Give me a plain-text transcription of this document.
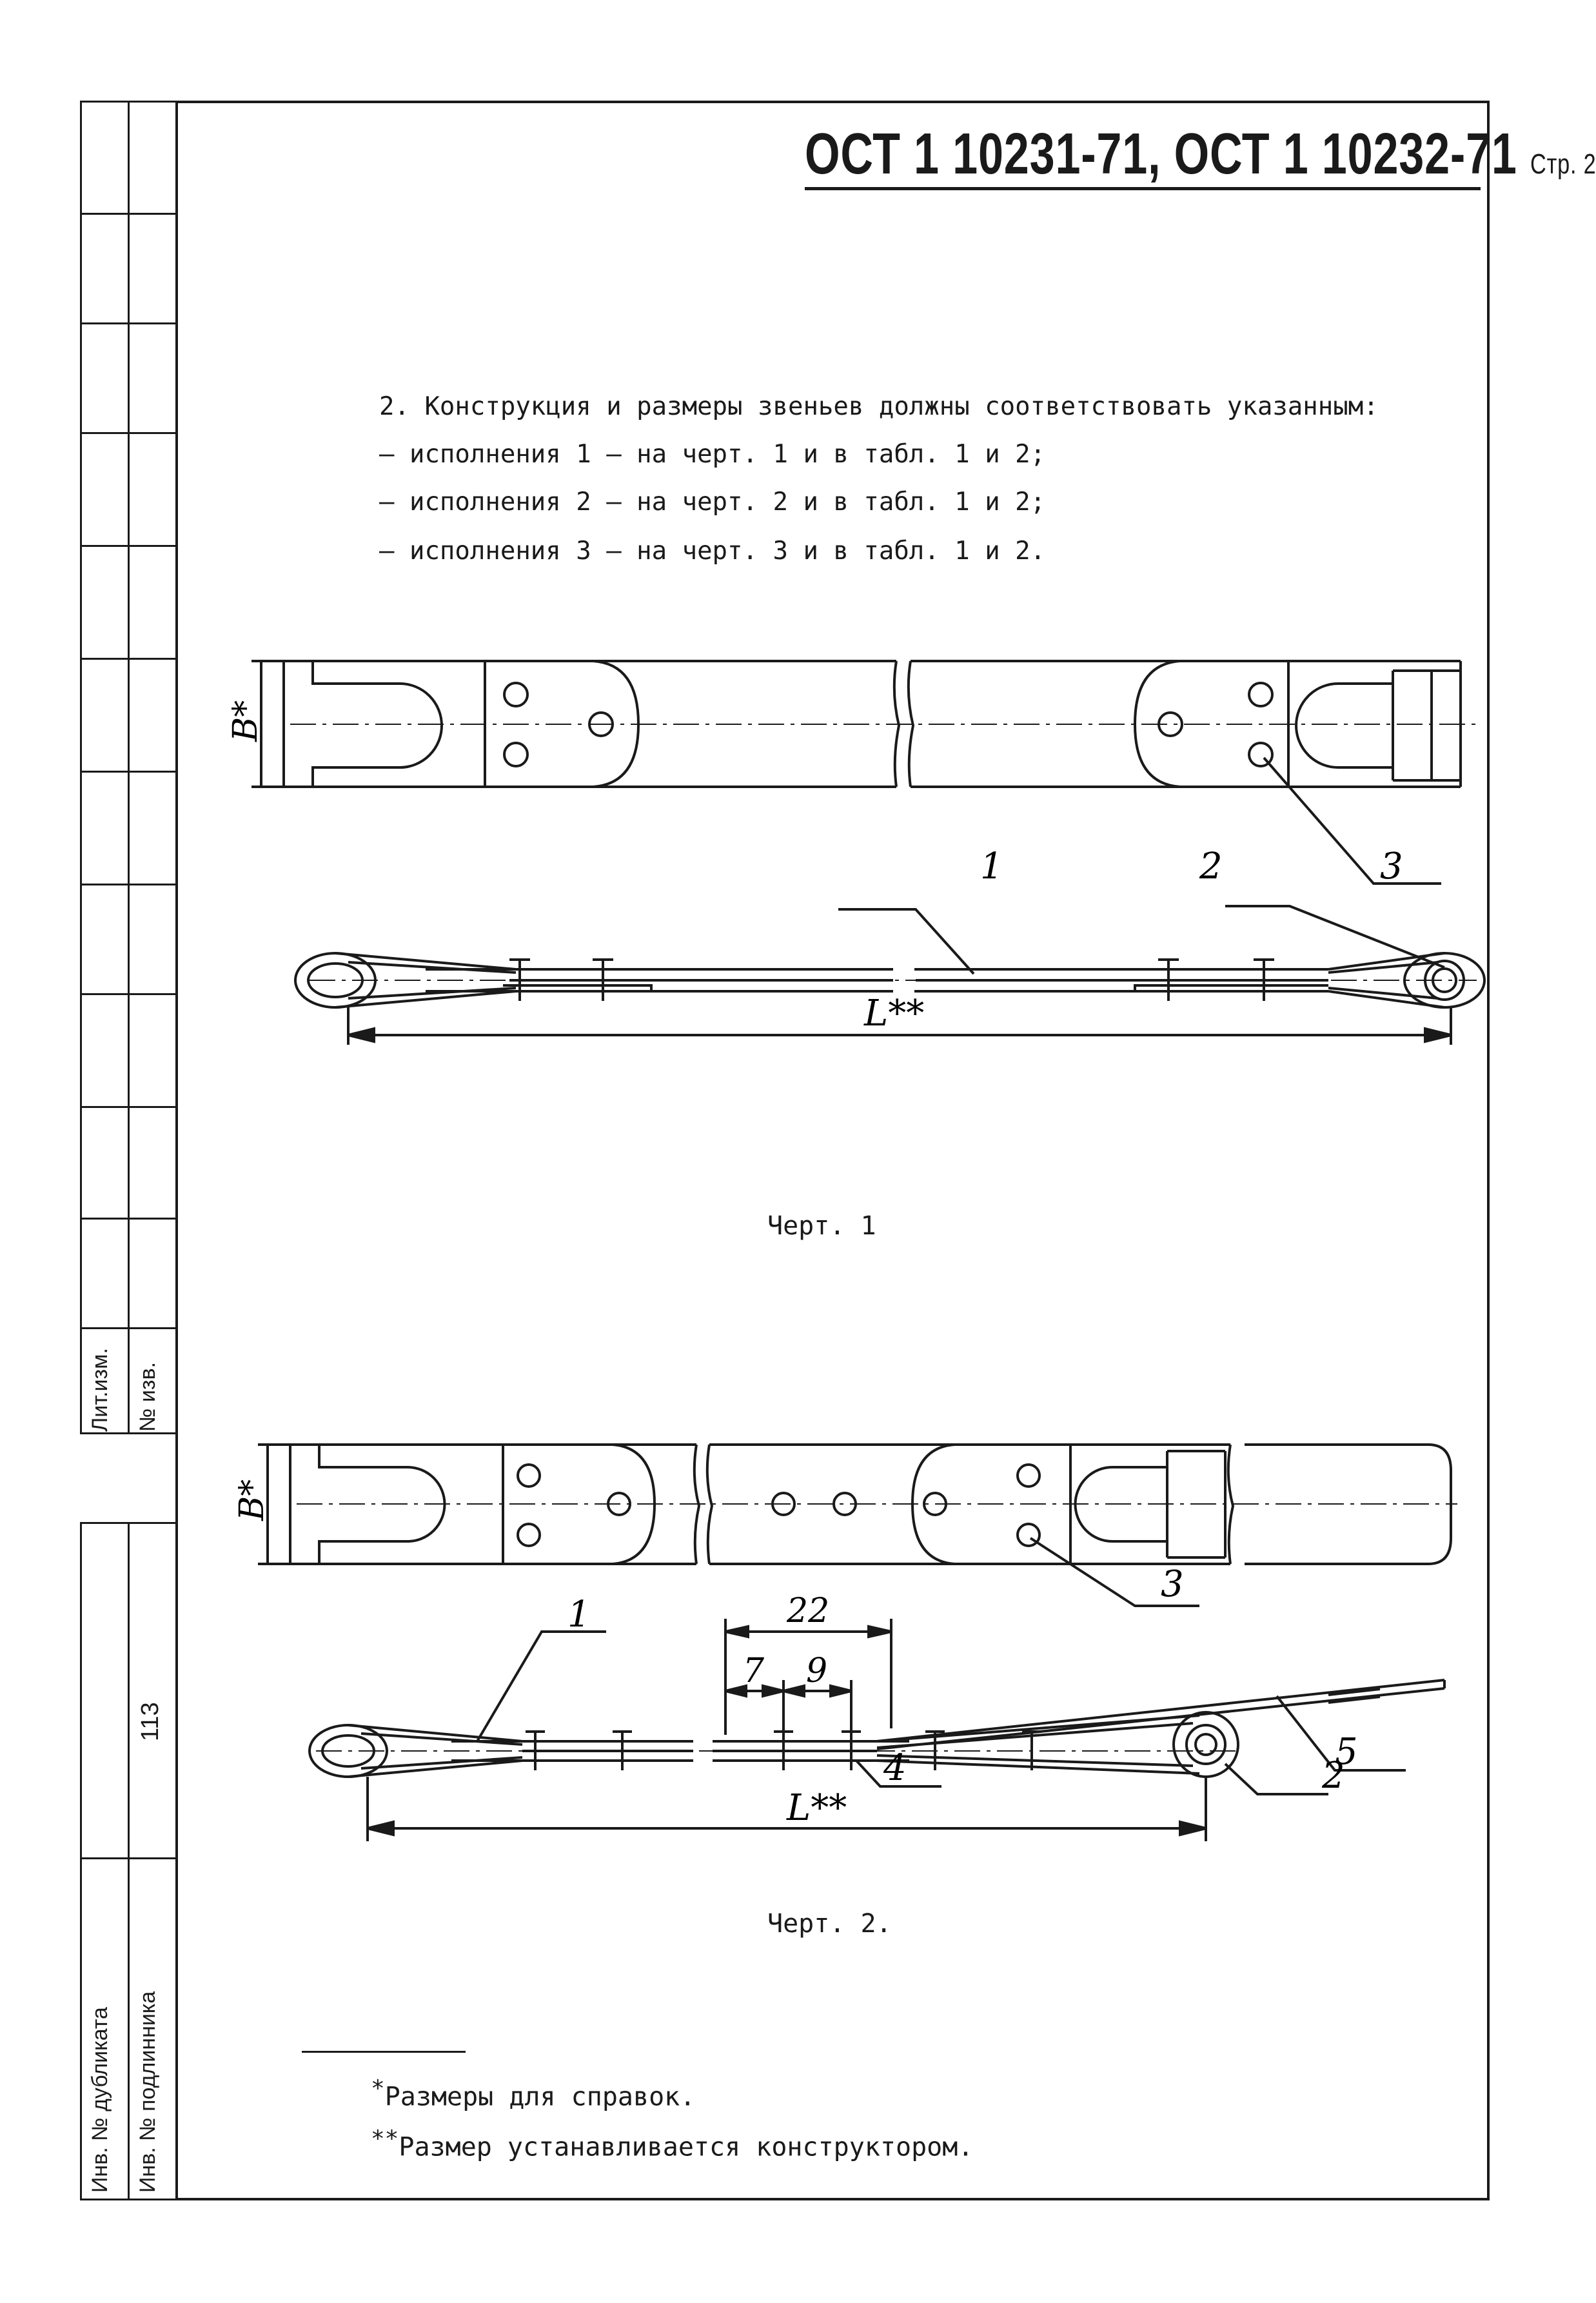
Лит.изм. № изв.
113
Инв. № дубликата Инв. № подлинника
ОСТ 1 10231-71, ОСТ 1 10232-71 Стр. 2
2. Конструкция и размеры звеньев должны соответствовать указанным:
– исполнения 1 – на черт. 1 и в табл. 1 и 2;
– исполнения 2 – на черт. 2 и в табл. 1 и 2;
– исполнения 3 – на черт. 3 и в табл. 1 и 2.
B*
L**
1	2	3
Черт. 1
B*
L**
22
7 9
1
3
4	5
2
Черт. 2.
*Размеры для справок.
**Размер устанавливается конструктором.
